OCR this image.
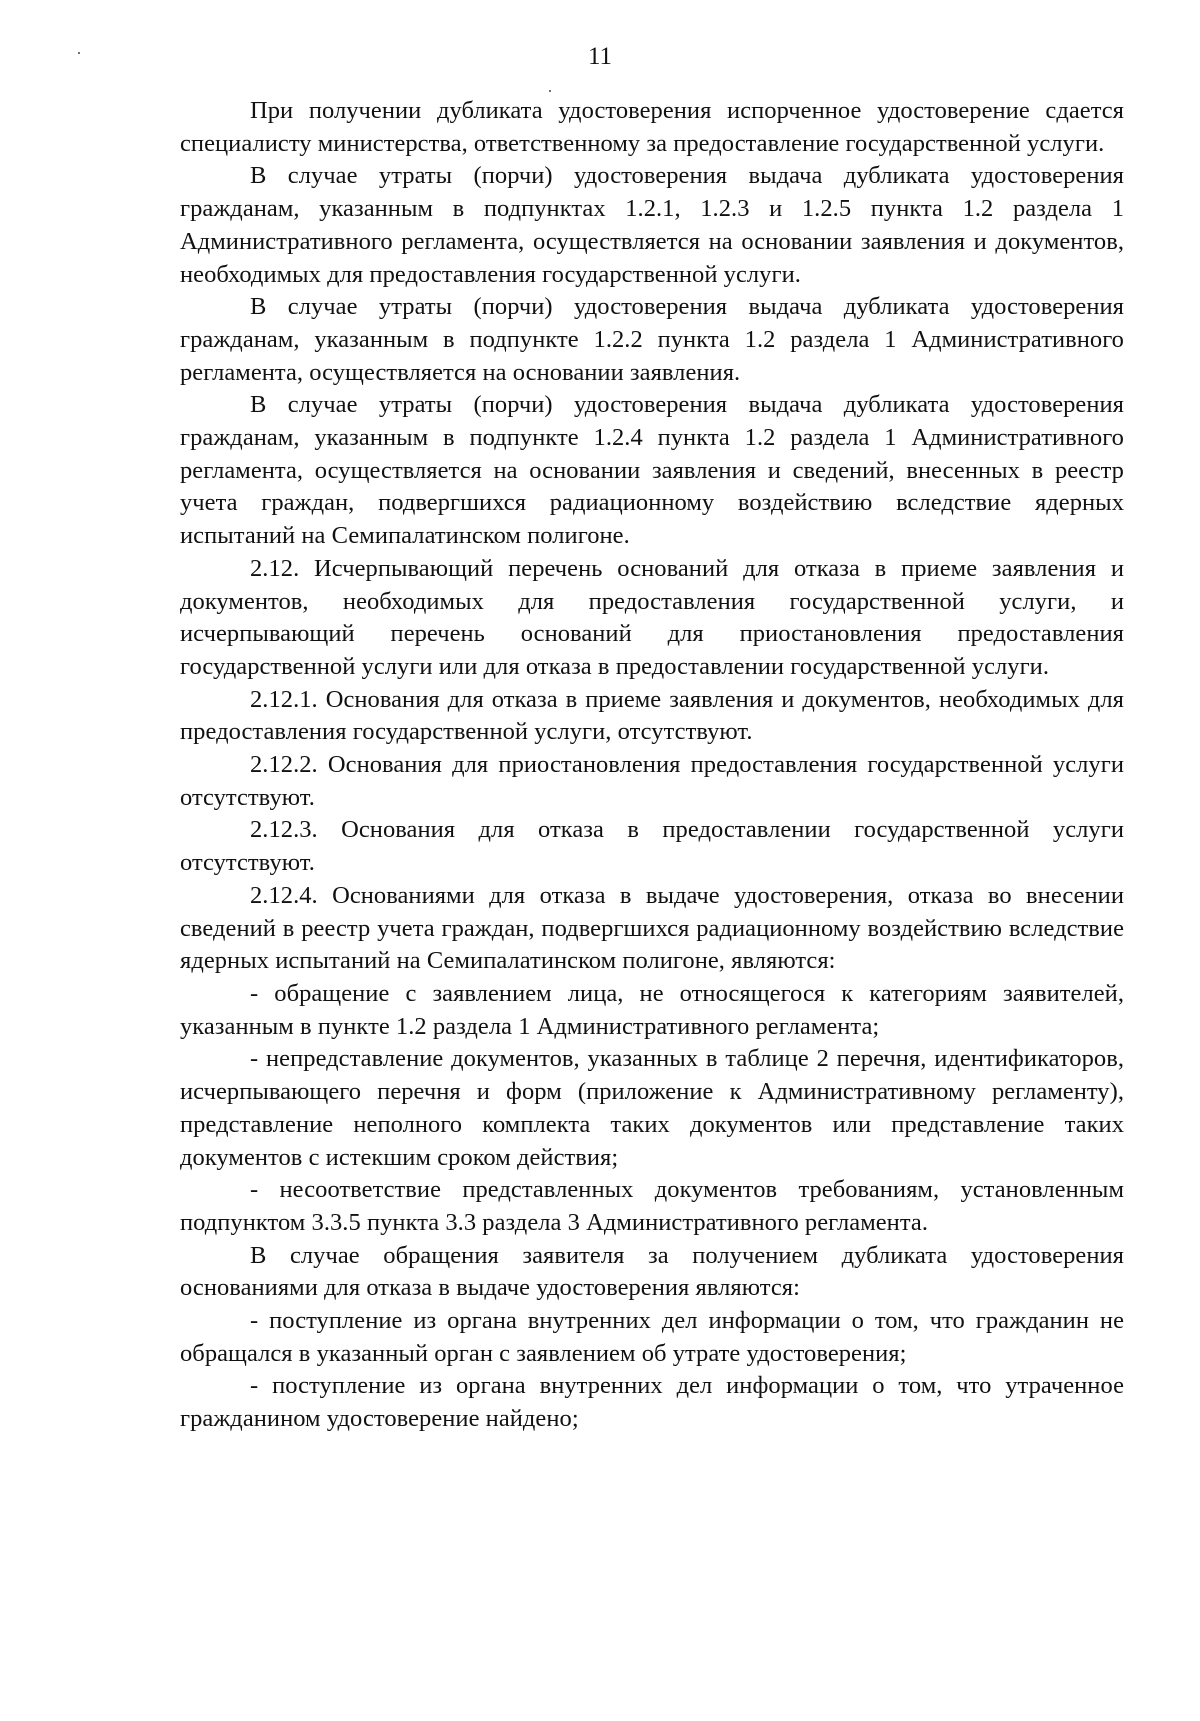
11

При получении дубликата удостоверения испорченное удостоверение сдается специалисту министерства, ответственному за предоставление государственной услуги.

В случае утраты (порчи) удостоверения выдача дубликата удостоверения гражданам, указанным в подпунктах 1.2.1, 1.2.3 и 1.2.5 пункта 1.2 раздела 1 Административного регламента, осуществляется на основании заявления и документов, необходимых для предоставления государственной услуги.

В случае утраты (порчи) удостоверения выдача дубликата удостоверения гражданам, указанным в подпункте 1.2.2 пункта 1.2 раздела 1 Административного регламента, осуществляется на основании заявления.

В случае утраты (порчи) удостоверения выдача дубликата удостоверения гражданам, указанным в подпункте 1.2.4 пункта 1.2 раздела 1 Административного регламента, осуществляется на основании заявления и сведений, внесенных в реестр учета граждан, подвергшихся радиационному воздействию вследствие ядерных испытаний на Семипалатинском полигоне.

2.12. Исчерпывающий перечень оснований для отказа в приеме заявления и документов, необходимых для предоставления государственной услуги, и исчерпывающий перечень оснований для приостановления предоставления государственной услуги или для отказа в предоставлении государственной услуги.

2.12.1. Основания для отказа в приеме заявления и документов, необходимых для предоставления государственной услуги, отсутствуют.

2.12.2. Основания для приостановления предоставления государственной услуги отсутствуют.

2.12.3. Основания для отказа в предоставлении государственной услуги отсутствуют.

2.12.4. Основаниями для отказа в выдаче удостоверения, отказа во внесении сведений в реестр учета граждан, подвергшихся радиационному воздействию вследствие ядерных испытаний на Семипалатинском полигоне, являются:

- обращение с заявлением лица, не относящегося к категориям заявителей, указанным в пункте 1.2 раздела 1 Административного регламента;

- непредставление документов, указанных в таблице 2 перечня, идентификаторов, исчерпывающего перечня и форм (приложение к Административному регламенту), представление неполного комплекта таких документов или представление таких документов с истекшим сроком действия;

- несоответствие представленных документов требованиям, установленным подпунктом 3.3.5 пункта 3.3 раздела 3 Административного регламента.

В случае обращения заявителя за получением дубликата удостоверения основаниями для отказа в выдаче удостоверения являются:

- поступление из органа внутренних дел информации о том, что гражданин не обращался в указанный орган с заявлением об утрате удостоверения;

- поступление из органа внутренних дел информации о том, что утраченное гражданином удостоверение найдено;
